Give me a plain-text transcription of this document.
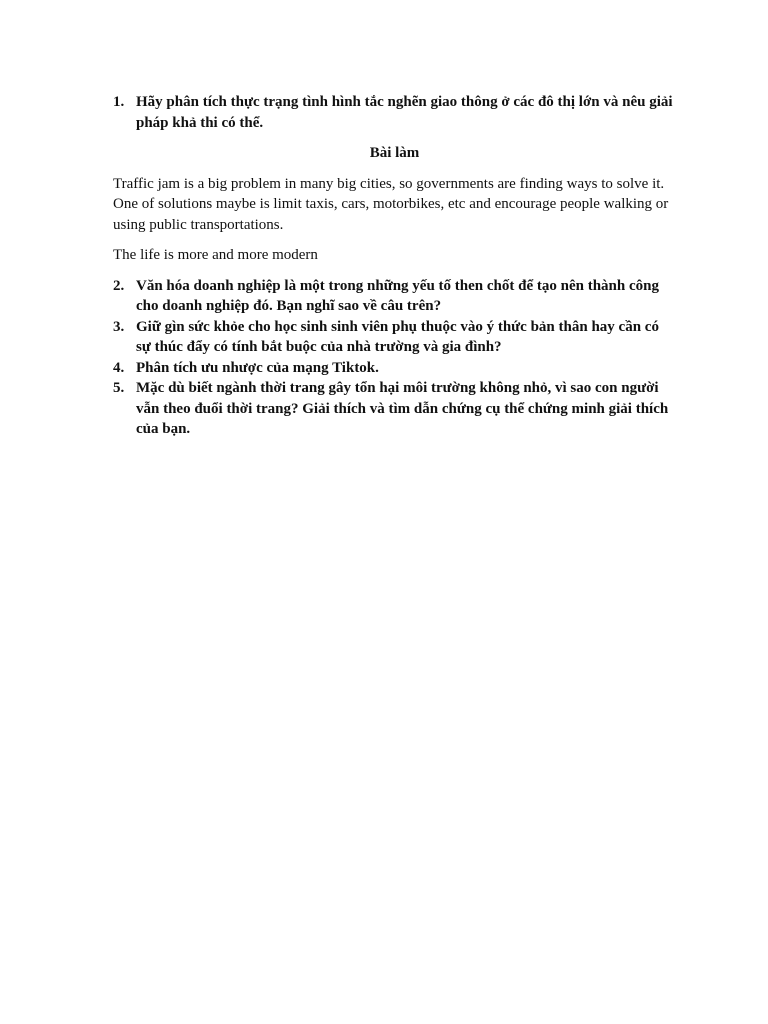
1. Hãy phân tích thực trạng tình hình tắc nghẽn giao thông ở các đô thị lớn và nêu giải pháp khả thi có thể.
Bài làm

Traffic jam is a big problem in many big cities, so governments are finding ways to solve it. One of solutions maybe is limit taxis, cars, motorbikes, etc and encourage people walking or using public transportations.

The life is more and more modern

2. Văn hóa doanh nghiệp là một trong những yếu tố then chốt để tạo nên thành công cho doanh nghiệp đó. Bạn nghĩ sao về câu trên?
3. Giữ gìn sức khỏe cho học sinh sinh viên phụ thuộc vào ý thức bản thân hay cần có sự thúc đẩy có tính bắt buộc của nhà trường và gia đình?
4. Phân tích ưu nhược của mạng Tiktok.
5. Mặc dù biết ngành thời trang gây tổn hại môi trường không nhỏ, vì sao con người vẫn theo đuổi thời trang? Giải thích và tìm dẫn chứng cụ thể chứng minh giải thích của bạn.
